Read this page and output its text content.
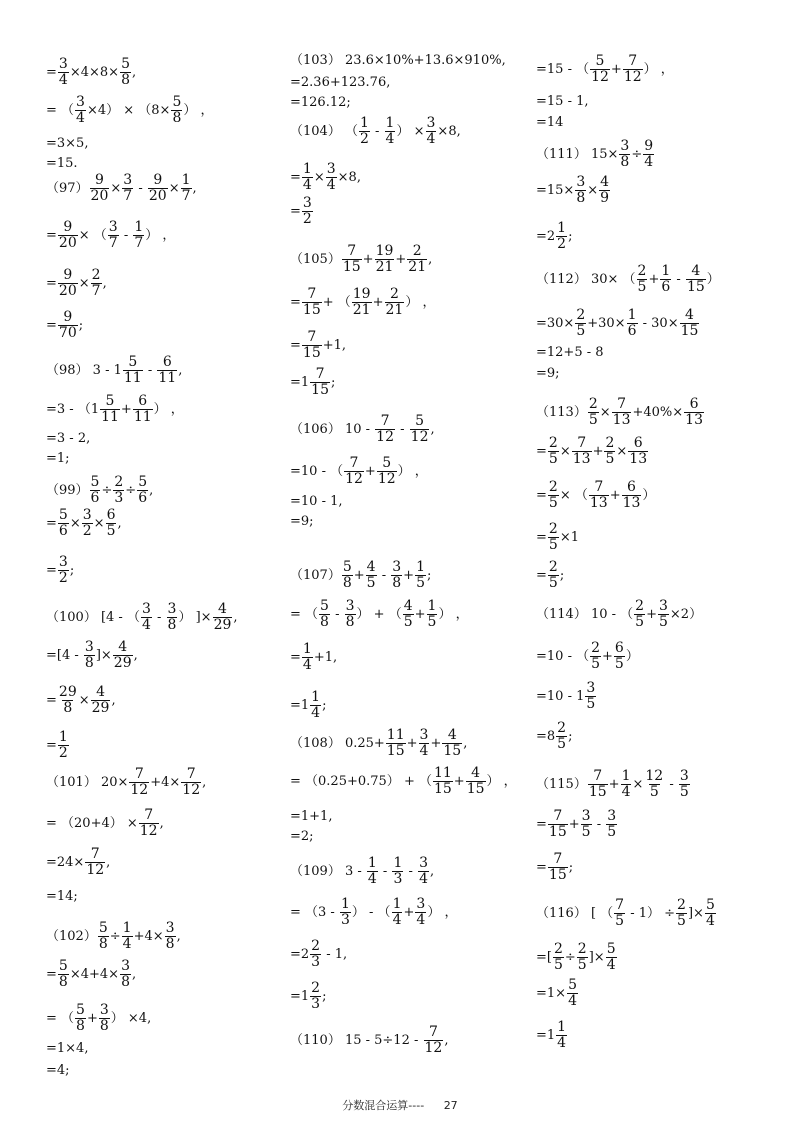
= $\frac{3}{4} \times 4\times 8\times \frac{5}{8}$ ,
= （ $\frac{3}{4} \times 4) \times (8\times \frac{5}{8}$ ） ，
=3×5,
=15.
$(97) \frac{9}{20} \times \frac{3}{7} - \frac{9}{20} \times \frac{1}{7}$ ,
= $\frac{9}{20}$ × （ $\frac{3}{7} - \frac{1}{7}$ ） ，
= $\frac{9}{20} \times \frac{2}{7}$ ,
= $\frac{9}{70}$ ;
（98） $3 - 1 \frac{5}{11} - \frac{6}{11}$ ,
$=3 - (1 \frac{5}{11} + \frac{6}{11}$ ） ，
=3 - 2,
=1;
$(99) \frac{5}{6} \div \frac{2}{3} \div \frac{5}{6}$ ,
= $\frac{5}{6} \times \frac{3}{2} \times \frac{6}{5}$ ,
= $\frac{3}{2}$ ;
（100） [4 - （ $\frac{3}{4} - \frac{3}{8}$ ） ]× $\frac{4}{29}$ ,
$=[4 - \frac{3}{8}$ ]× $\frac{4}{29}$ ,
= $\frac{29}{8} \times \frac{4}{29}$ ,
= $\frac{1}{2}$
（101） $20\times \frac{7}{12} +4\times \frac{7}{12}$ ,
= $(20+4) \times \frac{7}{12}$ ,
$=24\times \frac{7}{12}$ ,
=14;
$(102) \frac{5}{8} \div \frac{1}{4} +4\times \frac{3}{8}$ ,
= $\frac{5}{8} \times 4+4\times \frac{3}{8}$ ,
= （ $\frac{5}{8} + \frac{3}{8}$ ） ×4,
=1×4,
=4;
（103） 23.6×10%+13.6×910%,
=2.36+123.76,
=126.12;
（104） （ $\frac{1}{2} - \frac{1}{4}$ ） × $\frac{3}{4} \times 8$,
= $\frac{1}{4} \times \frac{3}{4} \times 8$,
= $\frac{3}{2}$
$(105) \frac{7}{15} + \frac{19}{21} + \frac{2}{21}$ ,
= $\frac{7}{15}$ + （ $\frac{19}{21} + \frac{2}{21}$ ） ，
= $\frac{7}{15} +1$,
$=1 \frac{7}{15}$ ;
（106） $10 - \frac{7}{12} - \frac{5}{12}$ ,
=10 - （ $\frac{7}{12} + \frac{5}{12}$ ） ，
=10 - 1,
=9;
$(107) \frac{5}{8} + \frac{4}{5} - \frac{3}{8} + \frac{1}{5}$ ;
= （ $\frac{5}{8} - \frac{3}{8}$ ） + （ $\frac{4}{5} + \frac{1}{5}$ ） ，
= $\frac{1}{4} +1$,
$=1 \frac{1}{4}$ ;
（108） $0.25+ \frac{11}{15} + \frac{3}{4} + \frac{4}{15}$ ,
= （0.25+0.75） + （ $\frac{11}{15} + \frac{4}{15}$ ） ，
=1+1,
=2;
（109） $3 - \frac{1}{4} - \frac{1}{3} - \frac{3}{4}$ ,
= （$3 - \frac{1}{3}$ ） - （ $\frac{1}{4} + \frac{3}{4}$ ） ，
$=2 \frac{2}{3} - 1$,
$=1 \frac{2}{3}$ ;
（110） $15 - 5\div 12 - \frac{7}{12}$ ,
=15 - （ $\frac{5}{12} + \frac{7}{12}$ ） ，
=15 - 1,
=14
（111） $15\times \frac{3}{8} \div \frac{9}{4}$
$=15\times \frac{3}{8} \times \frac{4}{9}$
$=2 \frac{1}{2}$ ;
（112） 30× （ $\frac{2}{5} + \frac{1}{6} - \frac{4}{15}$ ）
$=30\times \frac{2}{5} +30\times \frac{1}{6} - 30\times \frac{4}{15}$
=12+5 - 8
=9;
$(113) \frac{2}{5} \times \frac{7}{13} +40\%\times \frac{6}{13}$
= $\frac{2}{5} \times \frac{7}{13} + \frac{2}{5} \times \frac{6}{13}$
= $\frac{2}{5}$ × （ $\frac{7}{13} + \frac{6}{13}$ ）
= $\frac{2}{5} \times 1$
= $\frac{2}{5}$ ;
（114） 10 - （ $\frac{2}{5} + \frac{3}{5} \times 2$）
=10 - （ $\frac{2}{5} + \frac{6}{5}$ ）
$=10 - 1 \frac{3}{5}$
$=8 \frac{2}{5}$ ;
$(115) \frac{7}{15} + \frac{1}{4} \times \frac{12}{5} - \frac{3}{5}$
= $\frac{7}{15} + \frac{3}{5} - \frac{3}{5}$
= $\frac{7}{15}$ ;
（116） [ （ $\frac{7}{5} - 1) \div \frac{2}{5}$ ]× $\frac{5}{4}$
=[ $\frac{2}{5} \div \frac{2}{5}$ ]× $\frac{5}{4}$
$=1\times \frac{5}{4}$
$=1 \frac{1}{4}$
分数混合运算---- 27
